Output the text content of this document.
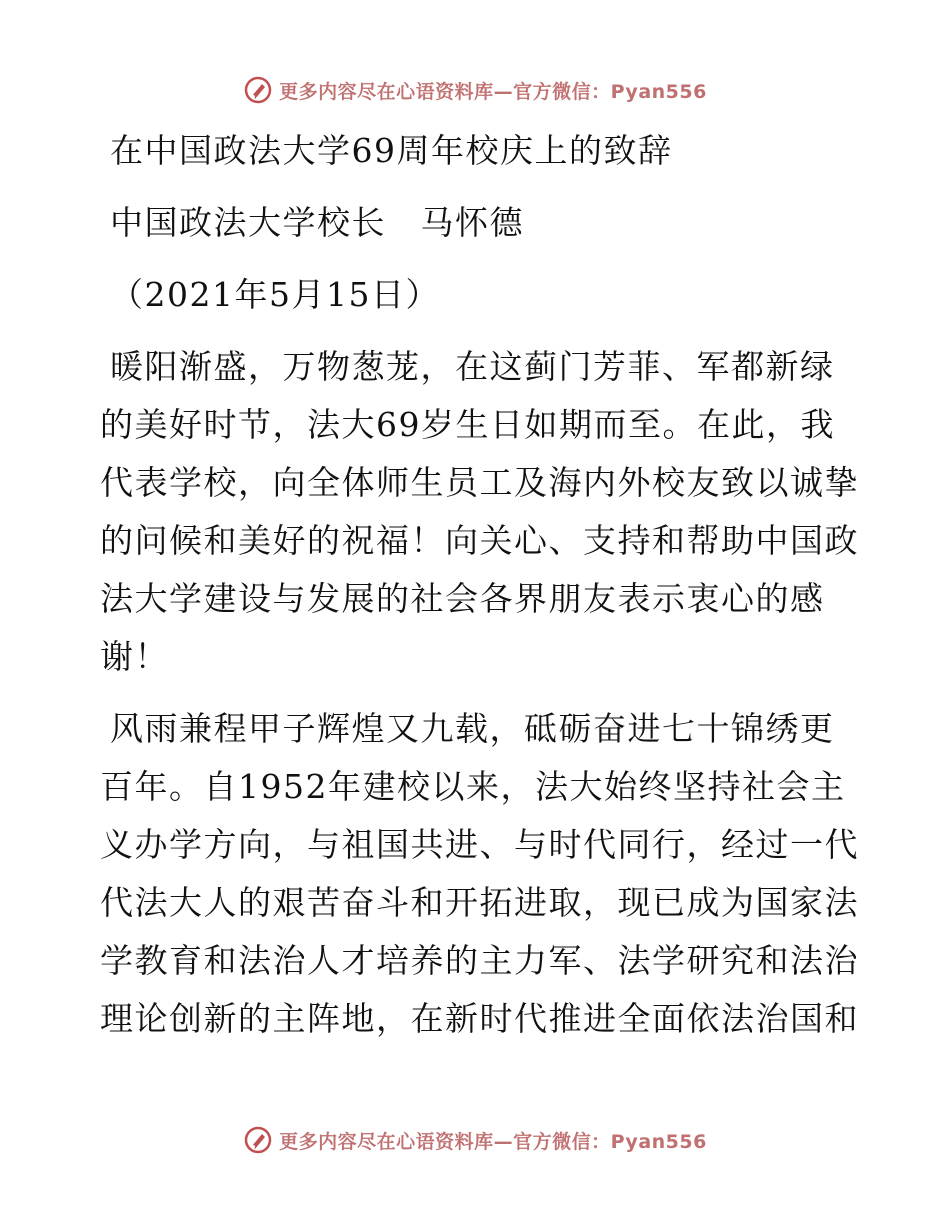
更多内容尽在心语资料库—官方微信：Pyan556
在中国政法大学69周年校庆上的致辞
中国政法大学校长　马怀德
（2021年5月15日）
暖阳渐盛，万物葱茏，在这蓟门芳菲、军都新绿
的美好时节，法大69岁生日如期而至。在此，我
代表学校，向全体师生员工及海内外校友致以诚挚
的问候和美好的祝福！向关心、支持和帮助中国政
法大学建设与发展的社会各界朋友表示衷心的感
谢！
风雨兼程甲子辉煌又九载，砥砺奋进七十锦绣更
百年。自1952年建校以来，法大始终坚持社会主
义办学方向，与祖国共进、与时代同行，经过一代
代法大人的艰苦奋斗和开拓进取，现已成为国家法
学教育和法治人才培养的主力军、法学研究和法治
理论创新的主阵地，在新时代推进全面依法治国和
更多内容尽在心语资料库—官方微信：Pyan556
